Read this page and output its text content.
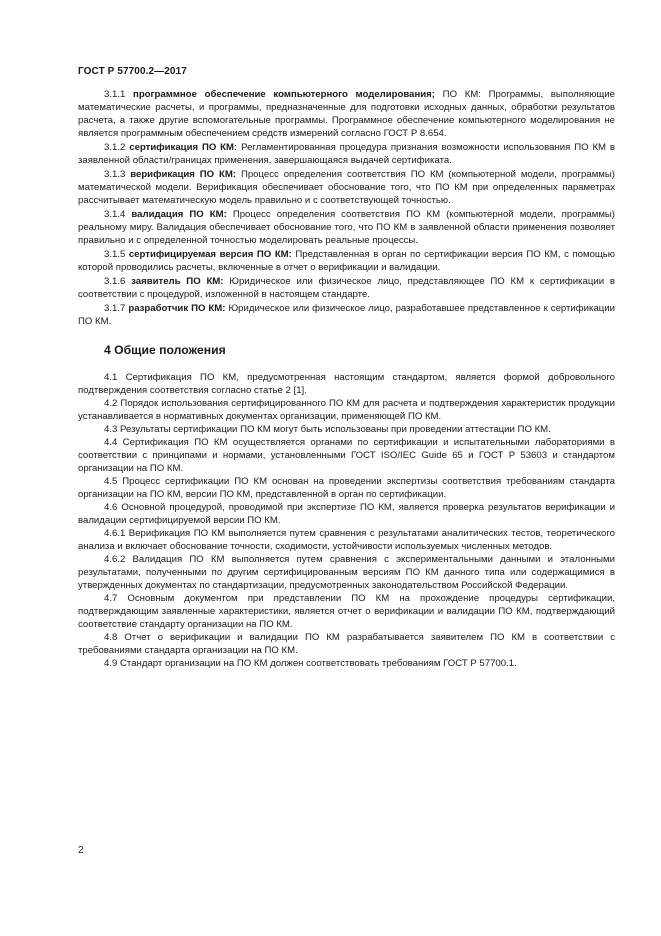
ГОСТ Р 57700.2—2017

3.1.1 программное обеспечение компьютерного моделирования; ПО КМ: Программы, выполняющие математические расчеты, и программы, предназначенные для подготовки исходных данных, обработки результатов расчета, а также другие вспомогательные программы. Программное обеспечение компьютерного моделирования не является программным обеспечением средств измерений согласно ГОСТ Р 8.654.

3.1.2 сертификация ПО КМ: Регламентированная процедура признания возможности использования ПО КМ в заявленной области/границах применения, завершающаяся выдачей сертификата.

3.1.3 верификация ПО КМ: Процесс определения соответствия ПО КМ (компьютерной модели, программы) математической модели. Верификация обеспечивает обоснование того, что ПО КМ при определенных параметрах рассчитывает математическую модель правильно и с соответствующей точностью.

3.1.4 валидация ПО КМ: Процесс определения соответствия ПО КМ (компьютерной модели, программы) реальному миру. Валидация обеспечивает обоснование того, что ПО КМ в заявленной области применения позволяет правильно и с определенной точностью моделировать реальные процессы.

3.1.5 сертифицируемая версия ПО КМ: Представленная в орган по сертификации версия ПО КМ, с помощью которой проводились расчеты, включенные в отчет о верификации и валидации.

3.1.6 заявитель ПО КМ: Юридическое или физическое лицо, представляющее ПО КМ к сертификации в соответствии с процедурой, изложенной в настоящем стандарте.

3.1.7 разработчик ПО КМ: Юридическое или физическое лицо, разработавшее представленное к сертификации ПО КМ.

4 Общие положения

4.1 Сертификация ПО КМ, предусмотренная настоящим стандартом, является формой добровольного подтверждения соответствия согласно статье 2 [1].

4.2 Порядок использования сертифицированного ПО КМ для расчета и подтверждения характеристик продукции устанавливается в нормативных документах организации, применяющей ПО КМ.

4.3 Результаты сертификации ПО КМ могут быть использованы при проведении аттестации ПО КМ.

4.4 Сертификация ПО КМ осуществляется органами по сертификации и испытательными лабораториями в соответствии с принципами и нормами, установленными ГОСТ ISO/IEC Guide 65 и ГОСТ Р 53603 и стандартом организации на ПО КМ.

4.5 Процесс сертификации ПО КМ основан на проведении экспертизы соответствия требованиям стандарта организации на ПО КМ, версии ПО КМ, представленной в орган по сертификации.

4.6 Основной процедурой, проводимой при экспертизе ПО КМ, является проверка результатов верификации и валидации сертифицируемой версии ПО КМ.

4.6.1 Верификация ПО КМ выполняется путем сравнения с результатами аналитических тестов, теоретического анализа и включает обоснование точности, сходимости, устойчивости используемых численных методов.

4.6.2 Валидация ПО КМ выполняется путем сравнения с экспериментальными данными и эталонными результатами, полученными по другим сертифицированным версиям ПО КМ данного типа или содержащимися в утвержденных документах по стандартизации, предусмотренных законодательством Российской Федерации.

4.7 Основным документом при представлении ПО КМ на прохождение процедуры сертификации, подтверждающим заявленные характеристики, является отчет о верификации и валидации ПО КМ, подтверждающий соответствие стандарту организации на ПО КМ.

4.8 Отчет о верификации и валидации ПО КМ разрабатывается заявителем ПО КМ в соответствии с требованиями стандарта организации на ПО КМ.

4.9 Стандарт организации на ПО КМ должен соответствовать требованиям ГОСТ Р 57700.1.

2
